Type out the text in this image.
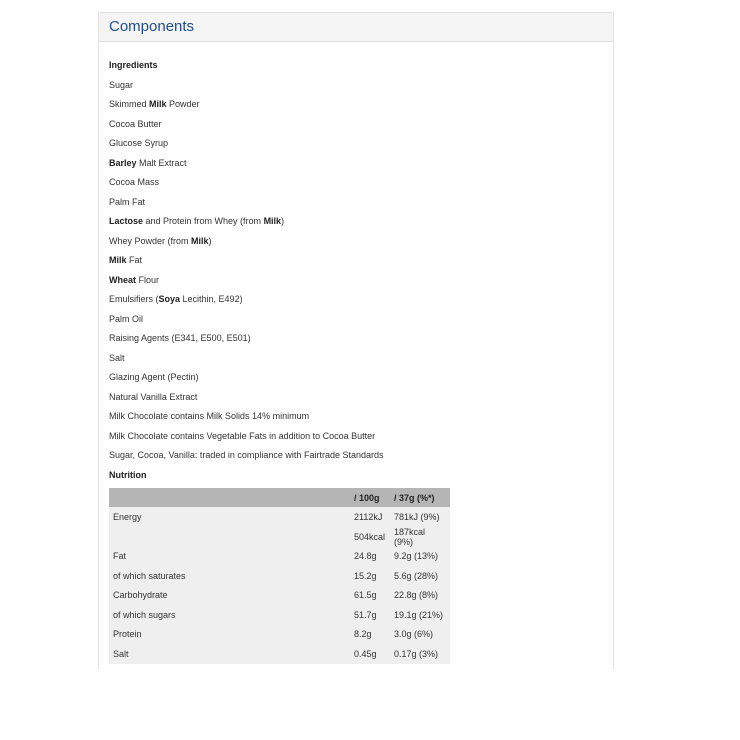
Components
Ingredients
Sugar
Skimmed Milk Powder
Cocoa Butter
Glucose Syrup
Barley Malt Extract
Cocoa Mass
Palm Fat
Lactose and Protein from Whey (from Milk)
Whey Powder (from Milk)
Milk Fat
Wheat Flour
Emulsifiers (Soya Lecithin, E492)
Palm Oil
Raising Agents (E341, E500, E501)
Salt
Glazing Agent (Pectin)
Natural Vanilla Extract
Milk Chocolate contains Milk Solids 14% minimum
Milk Chocolate contains Vegetable Fats in addition to Cocoa Butter
Sugar, Cocoa, Vanilla: traded in compliance with Fairtrade Standards
Nutrition
	/ 100g	/ 37g (%*)
Energy	2112kJ	781kJ (9%)
	504kcal	187kcal (9%)
Fat	24.8g	9.2g (13%)
of which saturates	15.2g	5.6g (28%)
Carbohydrate	61.5g	22.8g (8%)
of which sugars	51.7g	19.1g (21%)
Protein	8.2g	3.0g (6%)
Salt	0.45g	0.17g (3%)
